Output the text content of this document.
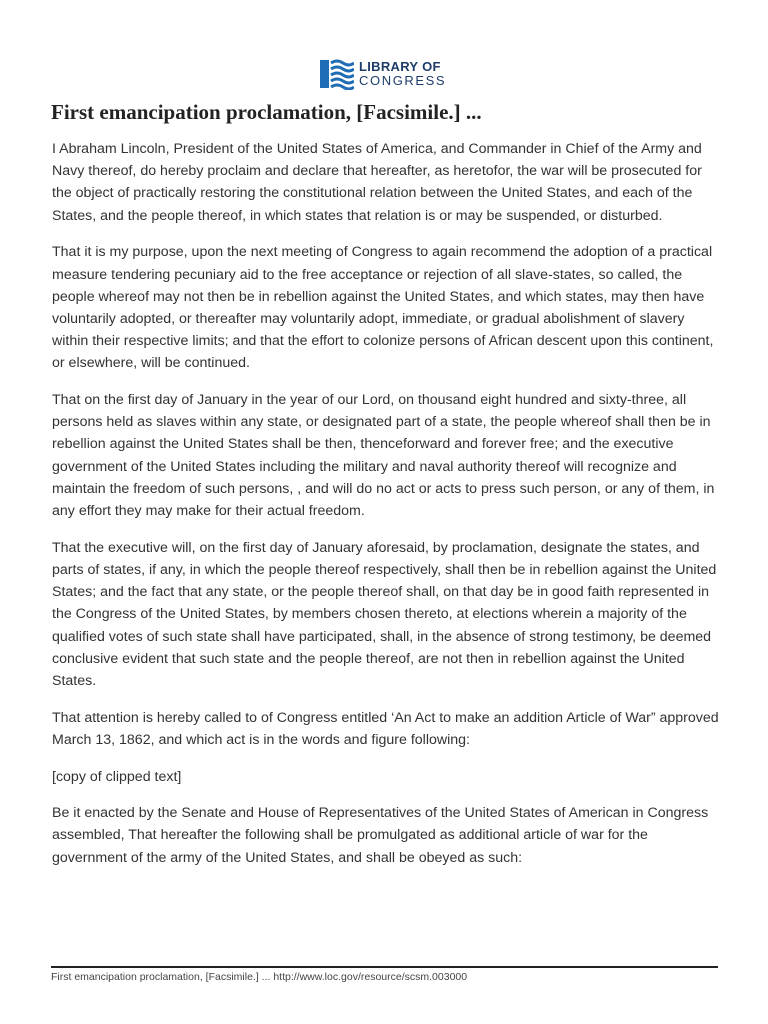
LIBRARY OF
CONGRESS
First emancipation proclamation, [Facsimile.] ...

I Abraham Lincoln, President of the United States of America, and Commander in Chief of the Army and Navy thereof, do hereby proclaim and declare that hereafter, as heretofor, the war will be prosecuted for the object of practically restoring the constitutional relation between the United States, and each of the States, and the people thereof, in which states that relation is or may be suspended, or disturbed.

That it is my purpose, upon the next meeting of Congress to again recommend the adoption of a practical measure tendering pecuniary aid to the free acceptance or rejection of all slave-states, so called, the people whereof may not then be in rebellion against the United States, and which states, may then have voluntarily adopted, or thereafter may voluntarily adopt, immediate, or gradual abolishment of slavery within their respective limits; and that the effort to colonize persons of African descent upon this continent, or elsewhere, will be continued.

That on the first day of January in the year of our Lord, on thousand eight hundred and sixty-three, all persons held as slaves within any state, or designated part of a state, the people whereof shall then be in rebellion against the United States shall be then, thenceforward and forever free; and the executive government of the United States including the military and naval authority thereof will recognize and maintain the freedom of such persons, , and will do no act or acts to press such person, or any of them, in any effort they may make for their actual freedom.

That the executive will, on the first day of January aforesaid, by proclamation, designate the states, and parts of states, if any, in which the people thereof respectively, shall then be in rebellion against the United States; and the fact that any state, or the people thereof shall, on that day be in good faith represented in the Congress of the United States, by members chosen thereto, at elections wherein a majority of the qualified votes of such state shall have participated, shall, in the absence of strong testimony, be deemed conclusive evident that such state and the people thereof, are not then in rebellion against the United States.

That attention is hereby called to of Congress entitled ‘An Act to make an addition Article of War” approved March 13, 1862, and which act is in the words and figure following:

[copy of clipped text]

Be it enacted by the Senate and House of Representatives of the United States of American in Congress assembled, That hereafter the following shall be promulgated as additional article of war for the government of the army of the United States, and shall be obeyed as such:

First emancipation proclamation, [Facsimile.] ... http://www.loc.gov/resource/scsm.003000
